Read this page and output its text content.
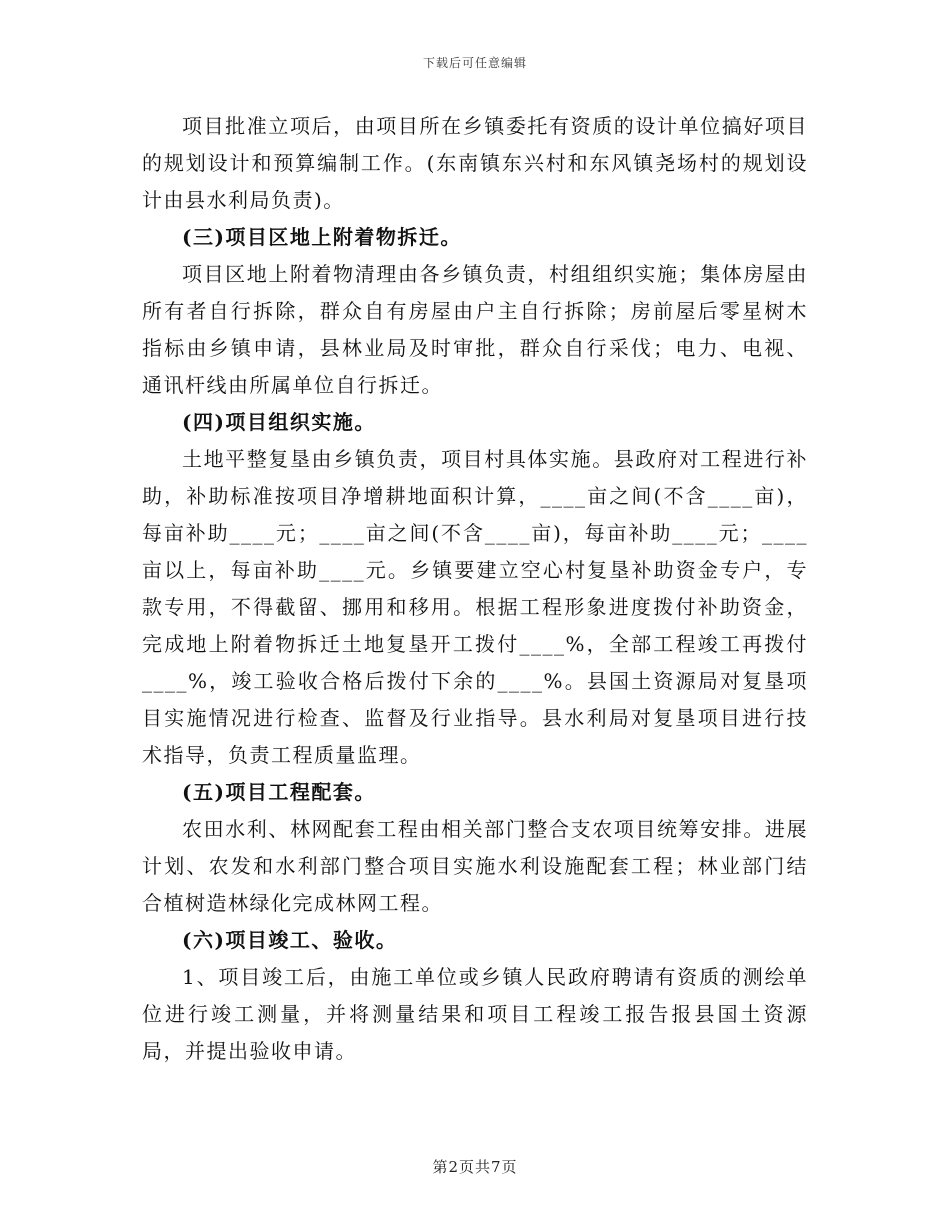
下载后可任意编辑

项目批准立项后，由项目所在乡镇委托有资质的设计单位搞好项目的规划设计和预算编制工作。(东南镇东兴村和东风镇尧场村的规划设计由县水利局负责)。

(三)项目区地上附着物拆迁。

项目区地上附着物清理由各乡镇负责，村组组织实施；集体房屋由所有者自行拆除，群众自有房屋由户主自行拆除；房前屋后零星树木指标由乡镇申请，县林业局及时审批，群众自行采伐；电力、电视、通讯杆线由所属单位自行拆迁。

(四)项目组织实施。

土地平整复垦由乡镇负责，项目村具体实施。县政府对工程进行补助，补助标准按项目净增耕地面积计算，____亩之间(不含____亩)，每亩补助____元；____亩之间(不含____亩)，每亩补助____元；____亩以上，每亩补助____元。乡镇要建立空心村复垦补助资金专户，专款专用，不得截留、挪用和移用。根据工程形象进度拨付补助资金，完成地上附着物拆迁土地复垦开工拨付____%，全部工程竣工再拨付____%，竣工验收合格后拨付下余的____%。县国土资源局对复垦项目实施情况进行检查、监督及行业指导。县水利局对复垦项目进行技术指导，负责工程质量监理。

(五)项目工程配套。

农田水利、林网配套工程由相关部门整合支农项目统筹安排。进展计划、农发和水利部门整合项目实施水利设施配套工程；林业部门结合植树造林绿化完成林网工程。

(六)项目竣工、验收。

1、项目竣工后，由施工单位或乡镇人民政府聘请有资质的测绘单位进行竣工测量，并将测量结果和项目工程竣工报告报县国土资源局，并提出验收申请。

第2页共7页
